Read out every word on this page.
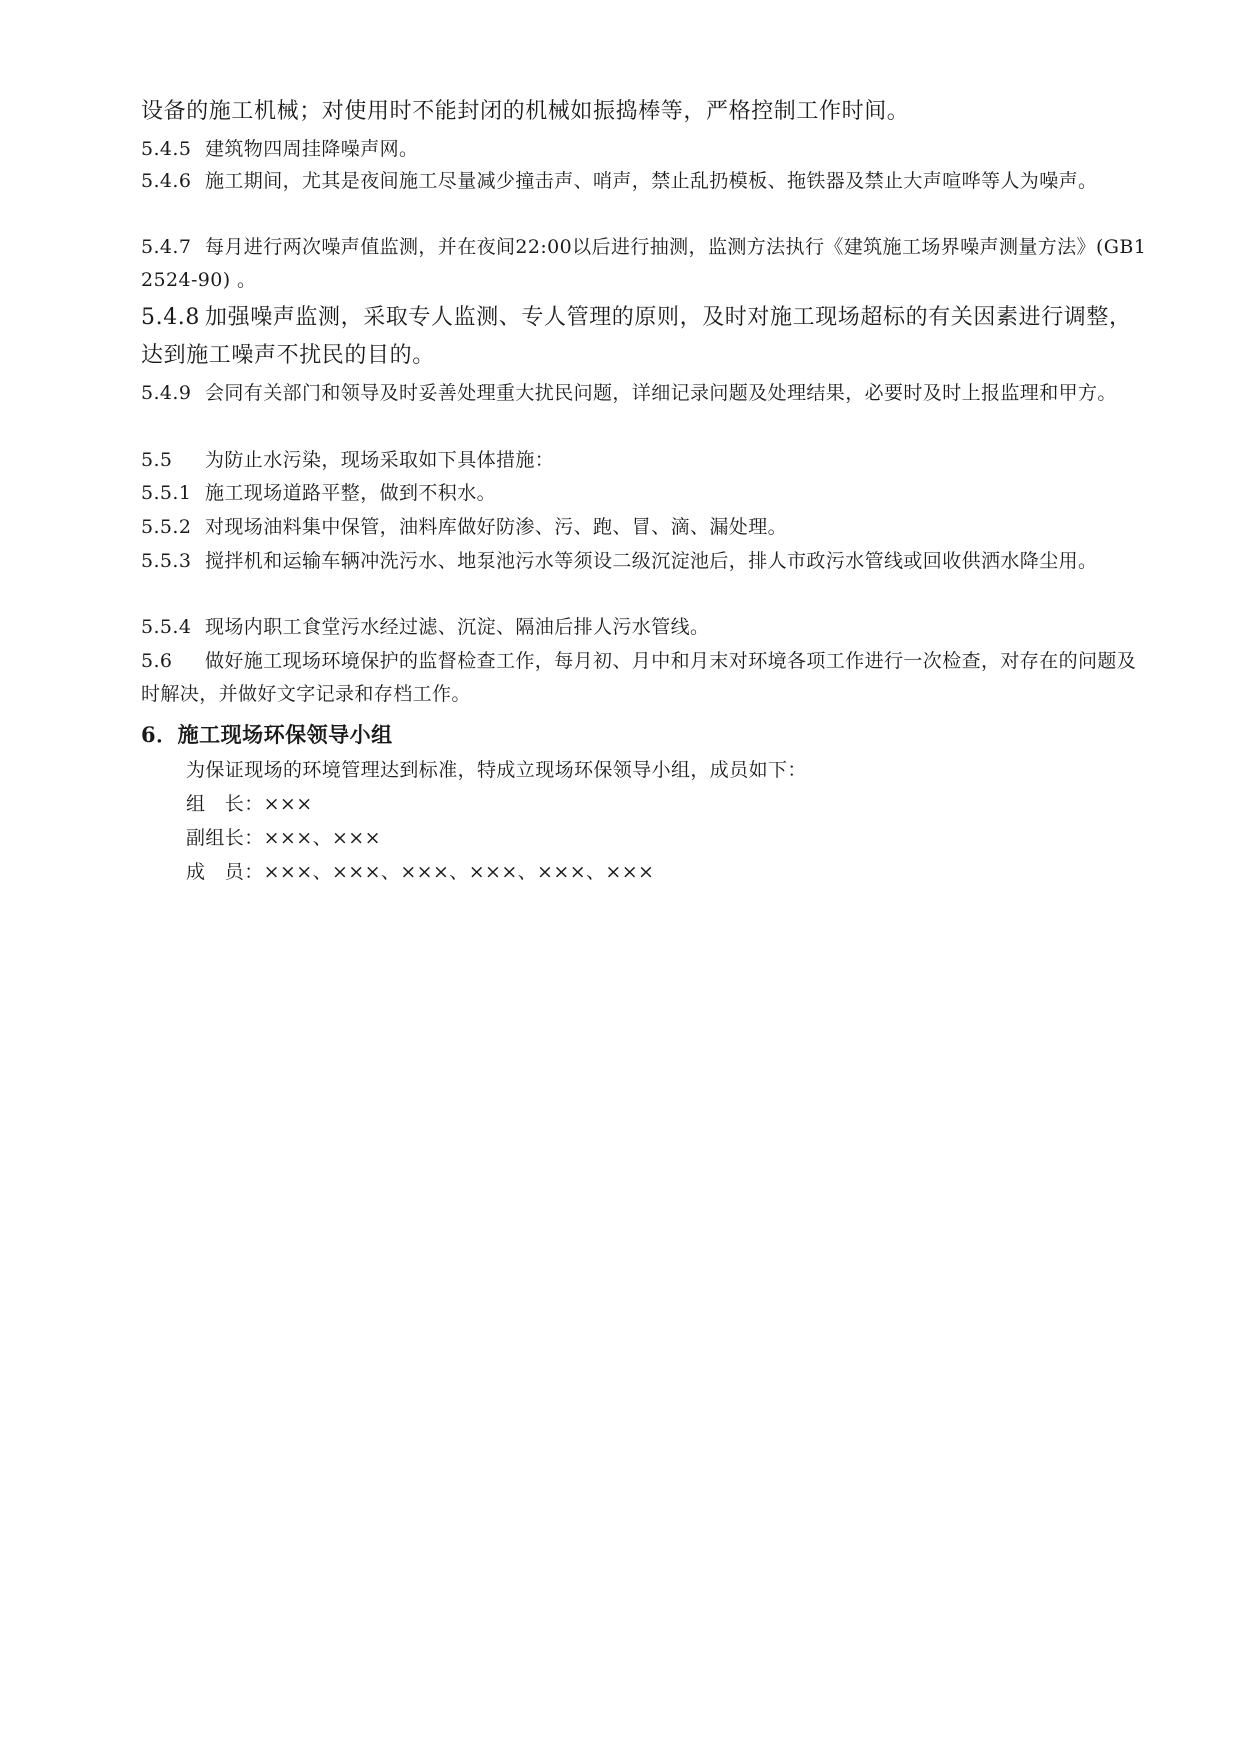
设备的施工机械；对使用时不能封闭的机械如振捣棒等，严格控制工作时间。

5.4.5 建筑物四周挂降噪声网。

5.4.6 施工期间，尤其是夜间施工尽量减少撞击声、哨声，禁止乱扔模板、拖铁器及禁止大声喧哗等人为噪声。

5.4.7 每月进行两次噪声值监测，并在夜间22:00以后进行抽测，监测方法执行《建筑施工场界噪声测量方法》(GB12524-90) 。

5.4.8 加强噪声监测，采取专人监测、专人管理的原则，及时对施工现场超标的有关因素进行调整，达到施工噪声不扰民的目的。

5.4.9 会同有关部门和领导及时妥善处理重大扰民问题，详细记录问题及处理结果，必要时及时上报监理和甲方。

5.5 为防止水污染，现场采取如下具体措施：

5.5.1 施工现场道路平整，做到不积水。

5.5.2 对现场油料集中保管，油料库做好防渗、污、跑、冒、滴、漏处理。

5.5.3 搅拌机和运输车辆冲洗污水、地泵池污水等须设二级沉淀池后，排人市政污水管线或回收供洒水降尘用。

5.5.4 现场内职工食堂污水经过滤、沉淀、隔油后排人污水管线。

5.6 做好施工现场环境保护的监督检查工作，每月初、月中和月末对环境各项工作进行一次检查，对存在的问题及时解决，并做好文字记录和存档工作。

6．施工现场环保领导小组

为保证现场的环境管理达到标准，特成立现场环保领导小组，成员如下：

组　长：×××

副组长：×××、×××

成　员：×××、×××、×××、×××、×××、×××
